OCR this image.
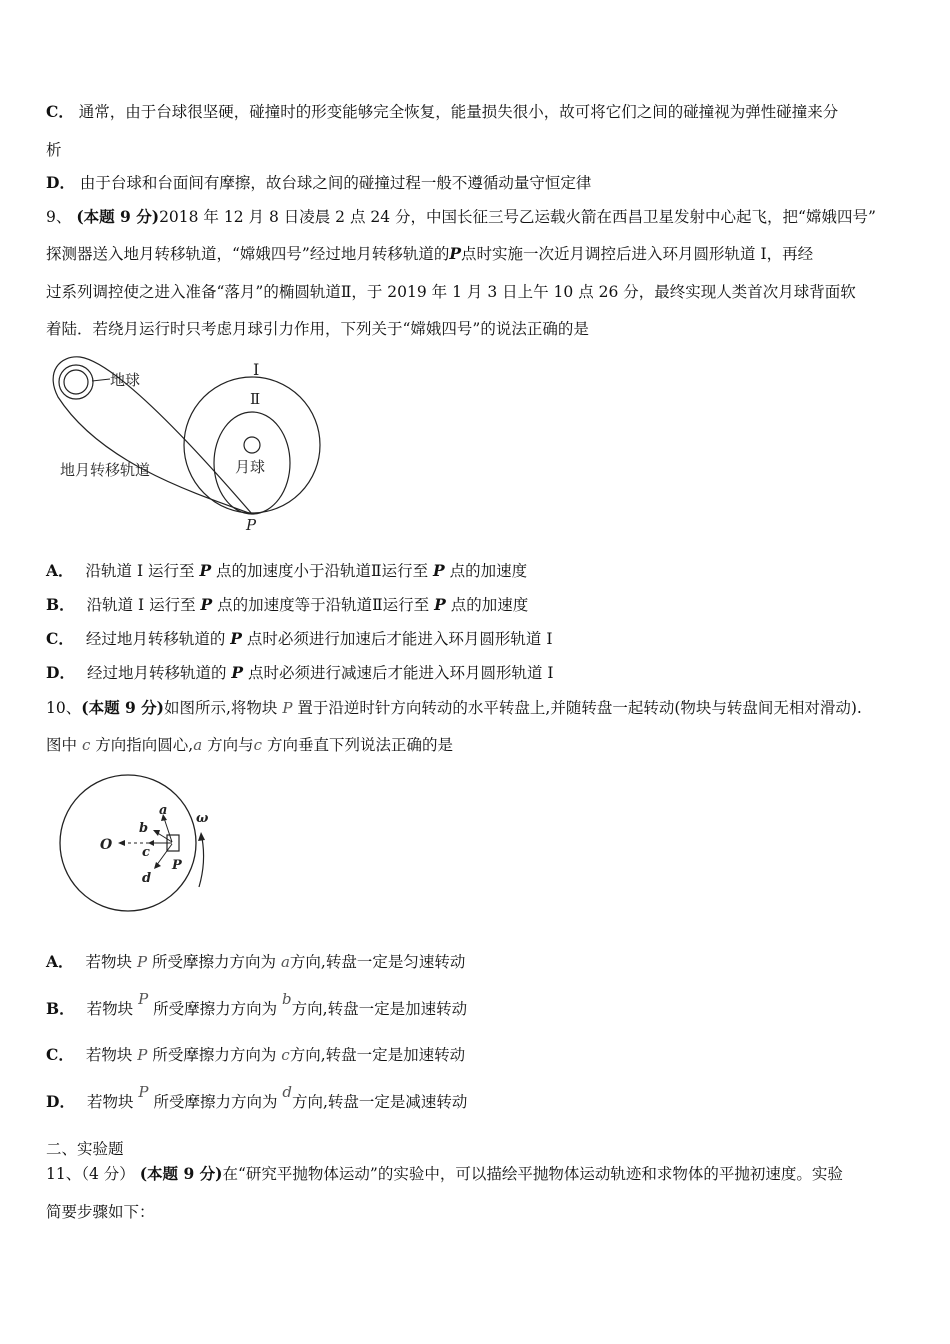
C． 通常，由于台球很坚硬，碰撞时的形变能够完全恢复，能量损失很小，故可将它们之间的碰撞视为弹性碰撞来分
析
D． 由于台球和台面间有摩擦，故台球之间的碰撞过程一般不遵循动量守恒定律
9、 (本题 9 分)2018 年 12 月 8 日凌晨 2 点 24 分，中国长征三号乙运载火箭在西昌卫星发射中心起飞，把“嫦娥四号”
探测器送入地月转移轨道，“嫦娥四号”经过地月转移轨道的P点时实施一次近月调控后进入环月圆形轨道 I，再经
过系列调控使之进入准备“落月”的椭圆轨道Ⅱ，于 2019 年 1 月 3 日上午 10 点 26 分，最终实现人类首次月球背面软
着陆．若绕月运行时只考虑月球引力作用，下列关于“嫦娥四号”的说法正确的是
地球
I
Ⅱ
月球
地月转移轨道
P
A． 沿轨道 I 运行至 P 点的加速度小于沿轨道Ⅱ运行至 P 点的加速度
B． 沿轨道 I 运行至 P 点的加速度等于沿轨道Ⅱ运行至 P 点的加速度
C． 经过地月转移轨道的 P 点时必须进行加速后才能进入环月圆形轨道 I
D． 经过地月转移轨道的 P 点时必须进行减速后才能进入环月圆形轨道 I
10、(本题 9 分)如图所示,将物块 P 置于沿逆时针方向转动的水平转盘上,并随转盘一起转动(物块与转盘间无相对滑动).
图中 c 方向指向圆心,a 方向与c 方向垂直下列说法正确的是
O
a
b
c
d
P
ω
A． 若物块 P 所受摩擦力方向为 a方向,转盘一定是匀速转动
B． 若物块 P 所受摩擦力方向为 b方向,转盘一定是加速转动
C． 若物块 P 所受摩擦力方向为 c方向,转盘一定是加速转动
D． 若物块 P 所受摩擦力方向为 d方向,转盘一定是减速转动
二、实验题
11、（4 分） (本题 9 分)在“研究平抛物体运动”的实验中，可以描绘平抛物体运动轨迹和求物体的平抛初速度。实验
简要步骤如下：
